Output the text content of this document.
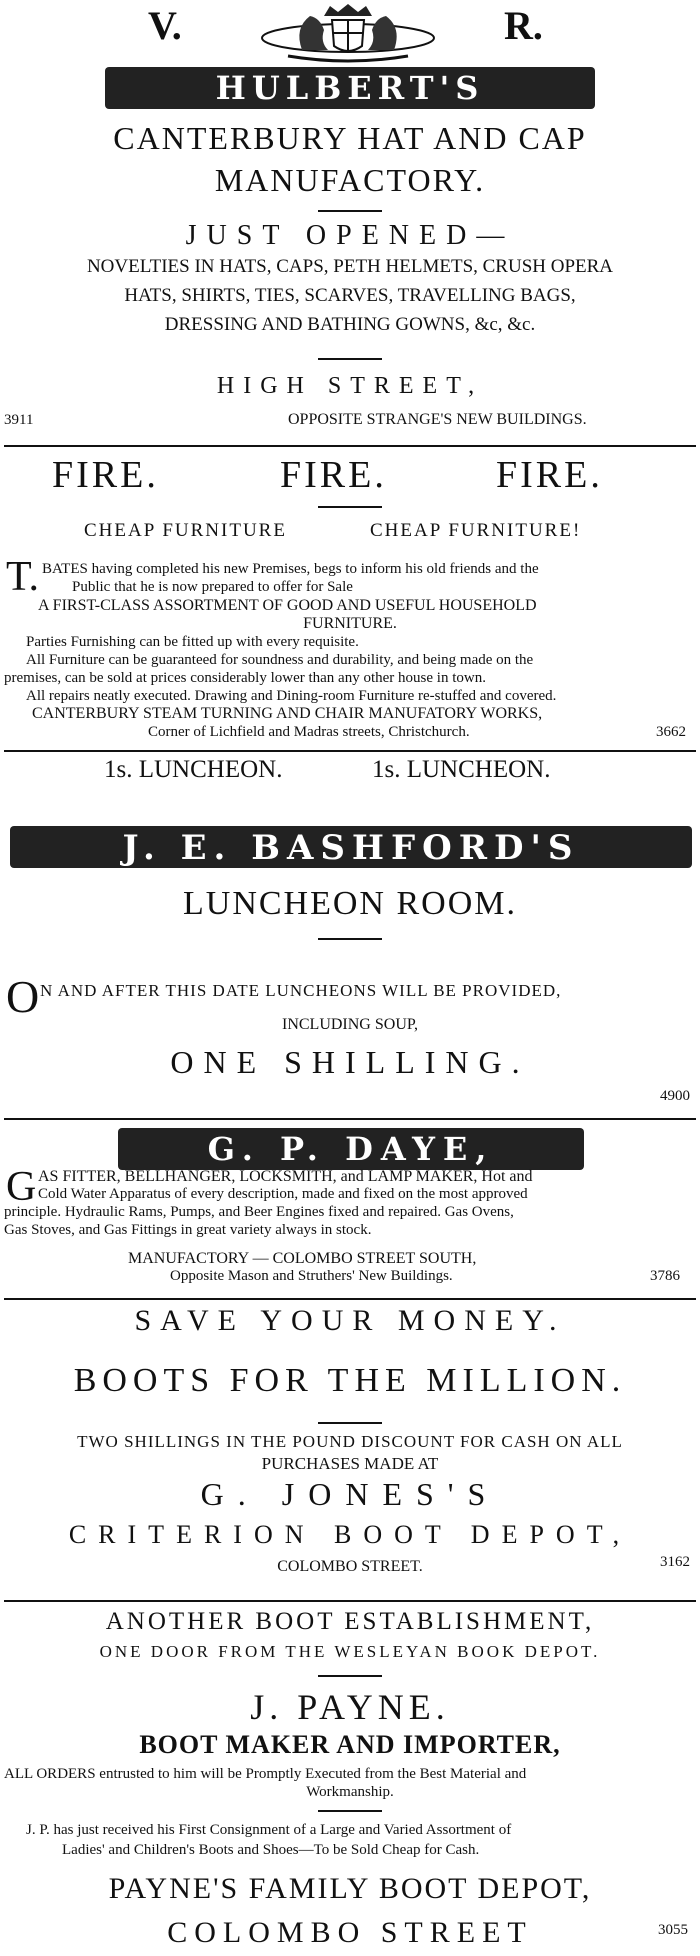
V.	R.
HULBERT'S
CANTERBURY HAT AND CAP
MANUFACTORY.
JUST OPENED—
NOVELTIES IN HATS, CAPS, PETH HELMETS, CRUSH OPERA
HATS, SHIRTS, TIES, SCARVES, TRAVELLING BAGS,
DRESSING AND BATHING GOWNS, &c, &c.
HIGH STREET,
3911	OPPOSITE STRANGE'S NEW BUILDINGS.
FIRE.	FIRE.	FIRE.
CHEAP FURNITURE	CHEAP FURNITURE!
T. BATES having completed his new Premises, begs to inform his old friends and the
Public that he is now prepared to offer for Sale
A FIRST-CLASS ASSORTMENT OF GOOD AND USEFUL HOUSEHOLD
FURNITURE.
Parties Furnishing can be fitted up with every requisite.
All Furniture can be guaranteed for soundness and durability, and being made on the
premises, can be sold at prices considerably lower than any other house in town.
All repairs neatly executed. Drawing and Dining-room Furniture re-stuffed and covered.
CANTERBURY STEAM TURNING AND CHAIR MANUFATORY WORKS,
Corner of Lichfield and Madras streets, Christchurch.	3662
1s. LUNCHEON.	1s. LUNCHEON.
J. E. BASHFORD'S
LUNCHEON ROOM.
O N AND AFTER THIS DATE LUNCHEONS WILL BE PROVIDED,
INCLUDING SOUP,
ONE SHILLING.
4900
G. P. DAYE,
G AS FITTER, BELLHANGER, LOCKSMITH, and LAMP MAKER, Hot and
Cold Water Apparatus of every description, made and fixed on the most approved
principle. Hydraulic Rams, Pumps, and Beer Engines fixed and repaired. Gas Ovens,
Gas Stoves, and Gas Fittings in great variety always in stock.
MANUFACTORY — COLOMBO STREET SOUTH,
Opposite Mason and Struthers' New Buildings.	3786
SAVE YOUR MONEY.
BOOTS FOR THE MILLION.
TWO SHILLINGS IN THE POUND DISCOUNT FOR CASH ON ALL
PURCHASES MADE AT
G. JONES'S
CRITERION BOOT DEPOT,
COLOMBO STREET.	3162
ANOTHER BOOT ESTABLISHMENT,
ONE DOOR FROM THE WESLEYAN BOOK DEPOT.
J. PAYNE.
BOOT MAKER AND IMPORTER,
ALL ORDERS entrusted to him will be Promptly Executed from the Best Material and
Workmanship.
J. P. has just received his First Consignment of a Large and Varied Assortment of
Ladies' and Children's Boots and Shoes—To be Sold Cheap for Cash.
PAYNE'S FAMILY BOOT DEPOT,
COLOMBO STREET	3055
